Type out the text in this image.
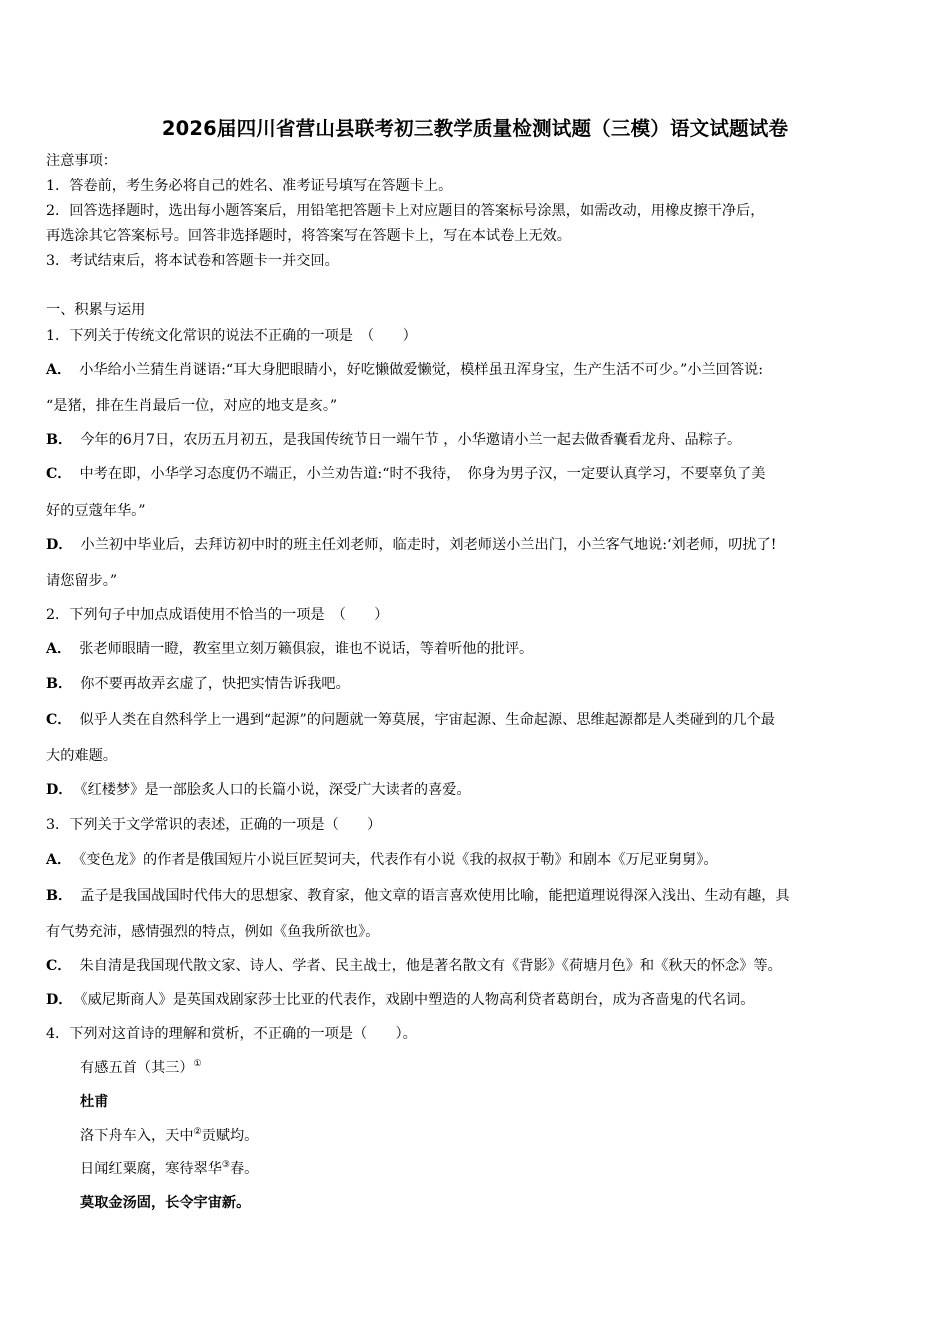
2026届四川省营山县联考初三教学质量检测试题（三模）语文试题试卷
注意事项：
1．答卷前，考生务必将自己的姓名、准考证号填写在答题卡上。
2．回答选择题时，选出每小题答案后，用铅笔把答题卡上对应题目的答案标号涂黑，如需改动，用橡皮擦干净后，
再选涂其它答案标号。回答非选择题时，将答案写在答题卡上，写在本试卷上无效。
3．考试结束后，将本试卷和答题卡一并交回。
一、积累与运用
1．下列关于传统文化常识的说法不正确的一项是　（　　）
A． 小华给小兰猜生肖谜语:“耳大身肥眼睛小，好吃懒做爱懒觉，模样虽丑浑身宝，生产生活不可少。”小兰回答说:
“是猪，排在生肖最后一位，对应的地支是亥。”
B． 今年的6月7日，农历五月初五，是我国传统节日一端午节 ，小华邀请小兰一起去做香囊看龙舟、品粽子。
C． 中考在即，小华学习态度仍不端正，小兰劝告道:“时不我待，　你身为男子汉，一定要认真学习，不要辜负了美
好的豆蔻年华。”
D． 小兰初中毕业后，去拜访初中时的班主任刘老师，临走时，刘老师送小兰出门，小兰客气地说:‘刘老师，叨扰了!
请您留步。”
2．下列句子中加点成语使用不恰当的一项是　（　　）
A． 张老师眼睛一瞪，教室里立刻万籁俱寂，谁也不说话，等着听他的批评。
B． 你不要再故弄玄虚了，快把实情告诉我吧。
C． 似乎人类在自然科学上一遇到“起源”的问题就一筹莫展，宇宙起源、生命起源、思维起源都是人类碰到的几个最
大的难题。
D． 《红楼梦》是一部脍炙人口的长篇小说，深受广大读者的喜爱。
3．下列关于文学常识的表述，正确的一项是（　　）
A． 《变色龙》的作者是俄国短片小说巨匠契诃夫，代表作有小说《我的叔叔于勒》和剧本《万尼亚舅舅》。
B． 孟子是我国战国时代伟大的思想家、教育家，他文章的语言喜欢使用比喻，能把道理说得深入浅出、生动有趣，具
有气势充沛，感情强烈的特点，例如《鱼我所欲也》。
C． 朱自清是我国现代散文家、诗人、学者、民主战士，他是著名散文有《背影》《荷塘月色》和《秋天的怀念》等。
D． 《威尼斯商人》是英国戏剧家莎士比亚的代表作，戏剧中塑造的人物高利贷者葛朗台，成为吝啬鬼的代名词。
4．下列对这首诗的理解和赏析，不正确的一项是（　　）。
有感五首（其三）①
杜甫
洛下舟车入，天中②贡赋均。
日闻红粟腐，寒待翠华③春。
莫取金汤固，长令宇宙新。
